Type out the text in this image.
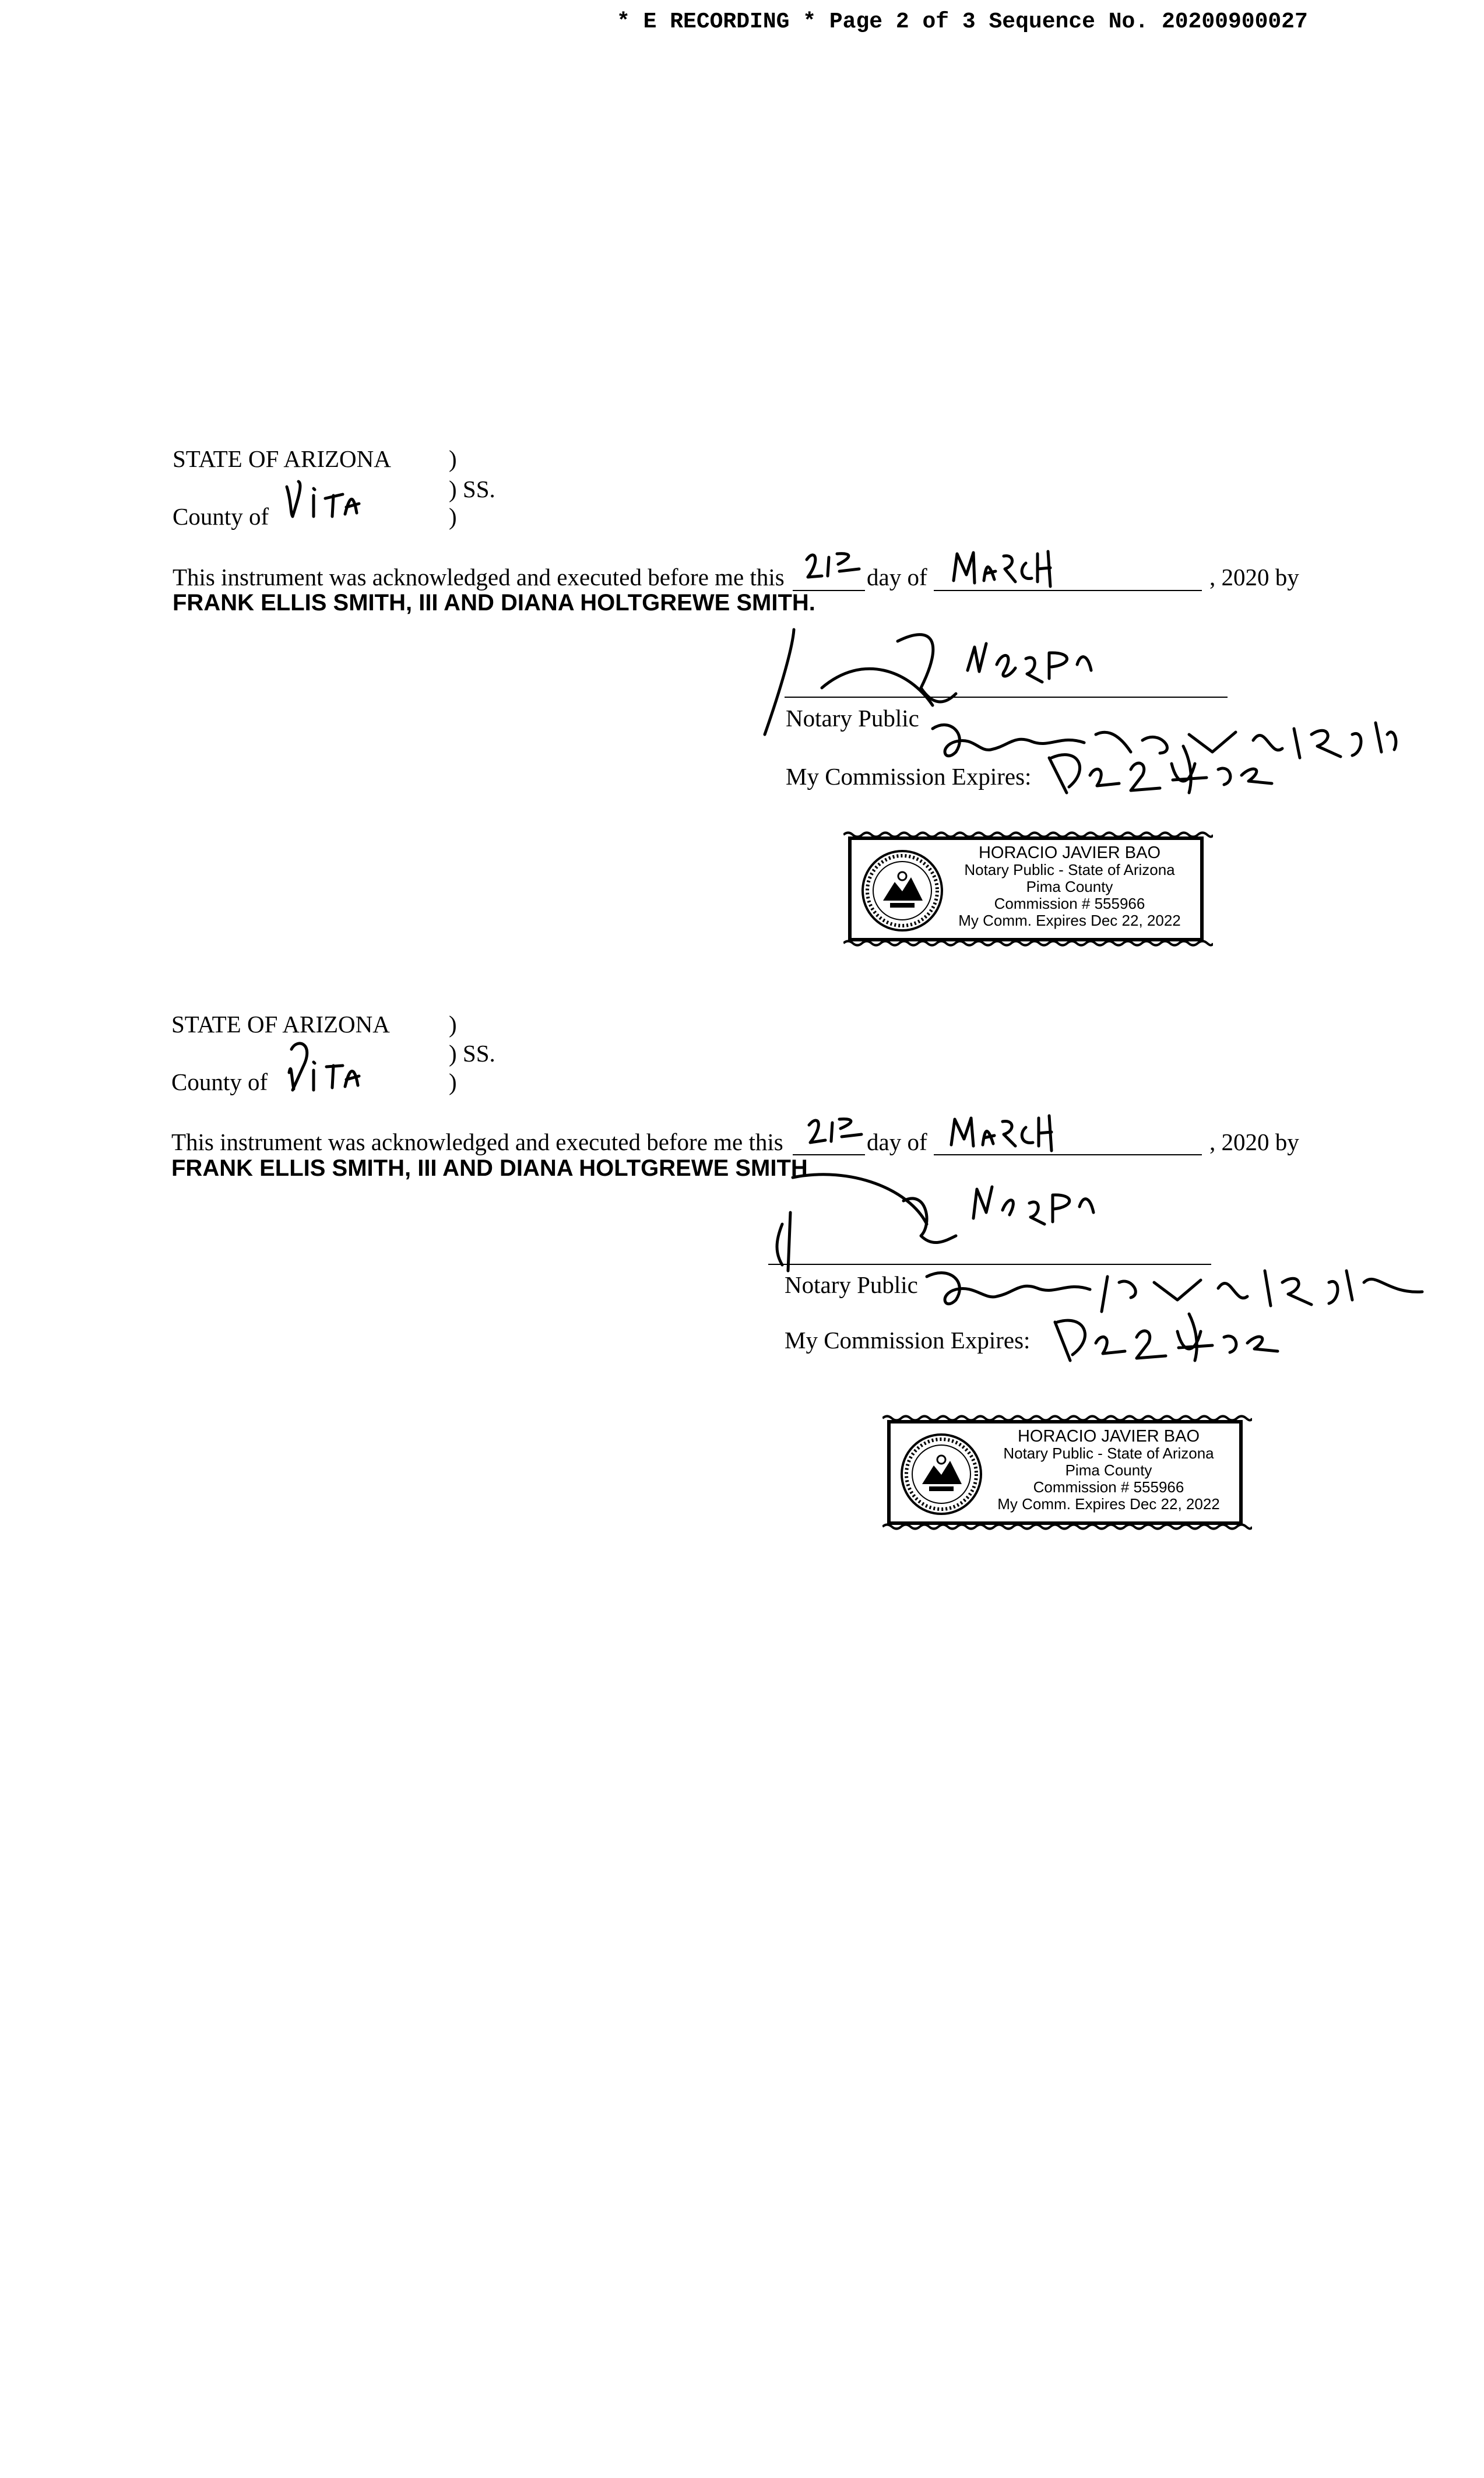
* E RECORDING * Page 2 of 3 Sequence No. 20200900027
STATE OF ARIZONA )
) SS.
County of	)
This instrument was acknowledged and executed before me this	day of	, 2020 by
FRANK ELLIS SMITH, III AND DIANA HOLTGREWE SMITH.
Notary Public
My Commission Expires:
HORACIO JAVIER BAO
Notary Public - State of Arizona
Pima County
Commission # 555966
My Comm. Expires Dec 22, 2022
STATE OF ARIZONA )
) SS.
County of	)
This instrument was acknowledged and executed before me this	day of	, 2020 by
FRANK ELLIS SMITH, III AND DIANA HOLTGREWE SMITH
Notary Public
My Commission Expires:
HORACIO JAVIER BAO
Notary Public - State of Arizona
Pima County
Commission # 555966
My Comm. Expires Dec 22, 2022
